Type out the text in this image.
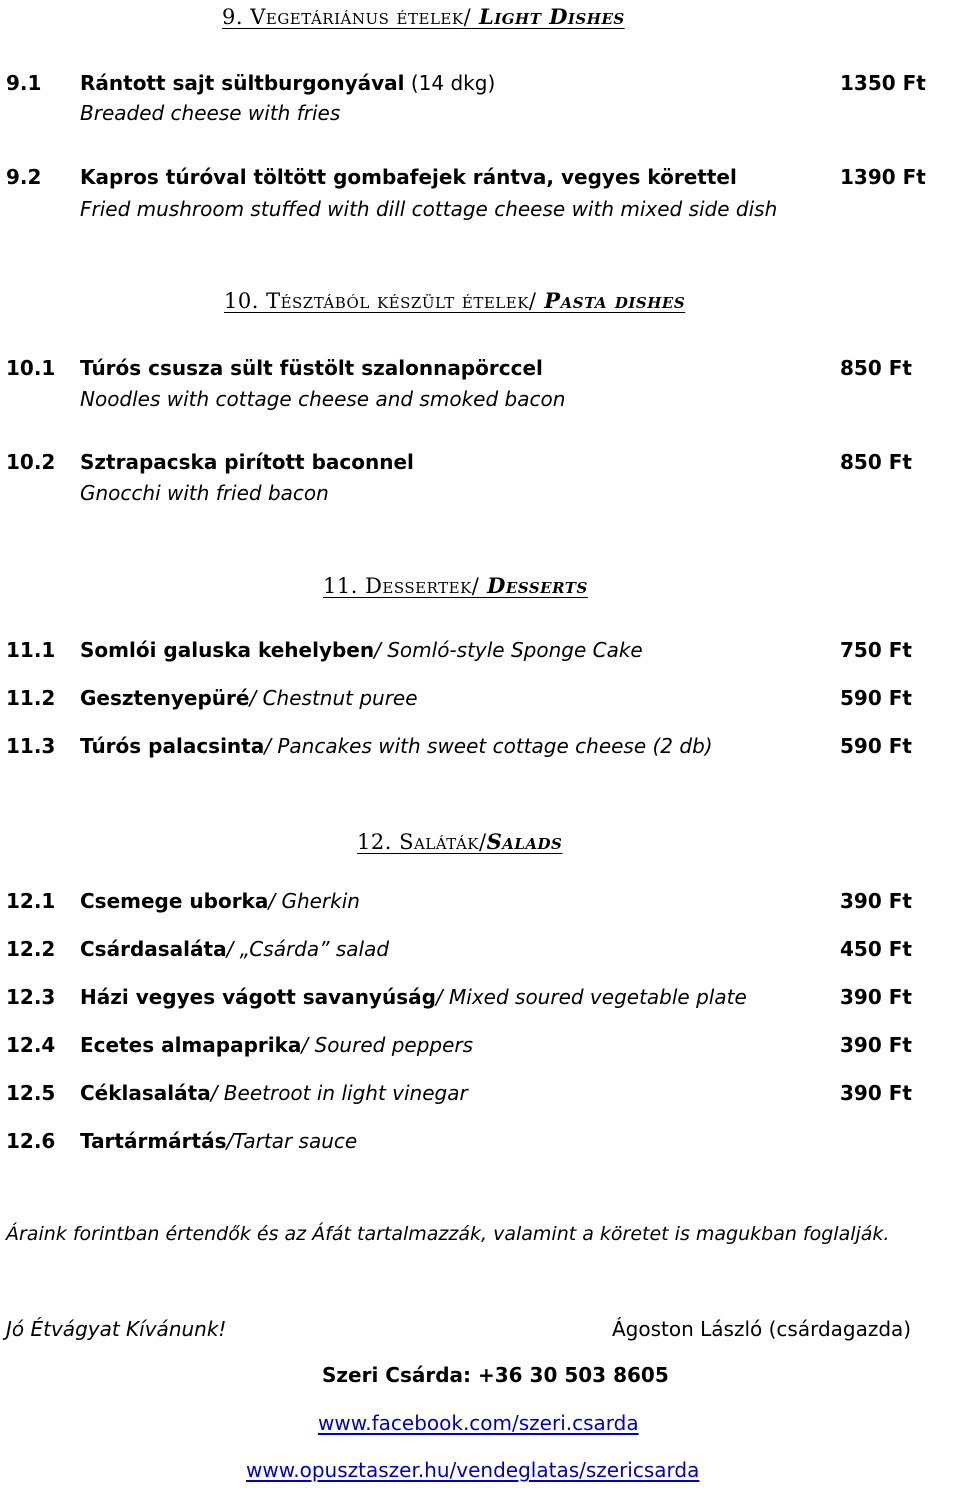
9. Vegetáriánus ételek/ Light Dishes
9.1 Rántott sajt sültburgonyával (14 dkg)	1350 Ft
Breaded cheese with fries
9.2 Kapros túróval töltött gombafejek rántva, vegyes körettel	1390 Ft
Fried mushroom stuffed with dill cottage cheese with mixed side dish
10. Tésztából készült ételek/ Pasta dishes
10.1 Túrós csusza sült füstölt szalonnapörccel	850 Ft
Noodles with cottage cheese and smoked bacon
10.2 Sztrapacska pirított baconnel	850 Ft
Gnocchi with fried bacon
11. Dessertek/ Desserts
11.1 Somlói galuska kehelyben/ Somló-style Sponge Cake	750 Ft
11.2 Gesztenyepüré/ Chestnut puree	590 Ft
11.3 Túrós palacsinta/ Pancakes with sweet cottage cheese (2 db)	590 Ft
12. Saláták/Salads
12.1 Csemege uborka/ Gherkin	390 Ft
12.2 Csárdasaláta/ „Csárda” salad	450 Ft
12.3 Házi vegyes vágott savanyúság/ Mixed soured vegetable plate	390 Ft
12.4 Ecetes almapaprika/ Soured peppers	390 Ft
12.5 Céklasaláta/ Beetroot in light vinegar	390 Ft
12.6 Tartármártás/Tartar sauce
Áraink forintban értendők és az Áfát tartalmazzák, valamint a köretet is magukban foglalják.
Jó Étvágyat Kívánunk!	Ágoston László (csárdagazda)
Szeri Csárda: +36 30 503 8605
www.facebook.com/szeri.csarda
www.opusztaszer.hu/vendeglatas/szericsarda
